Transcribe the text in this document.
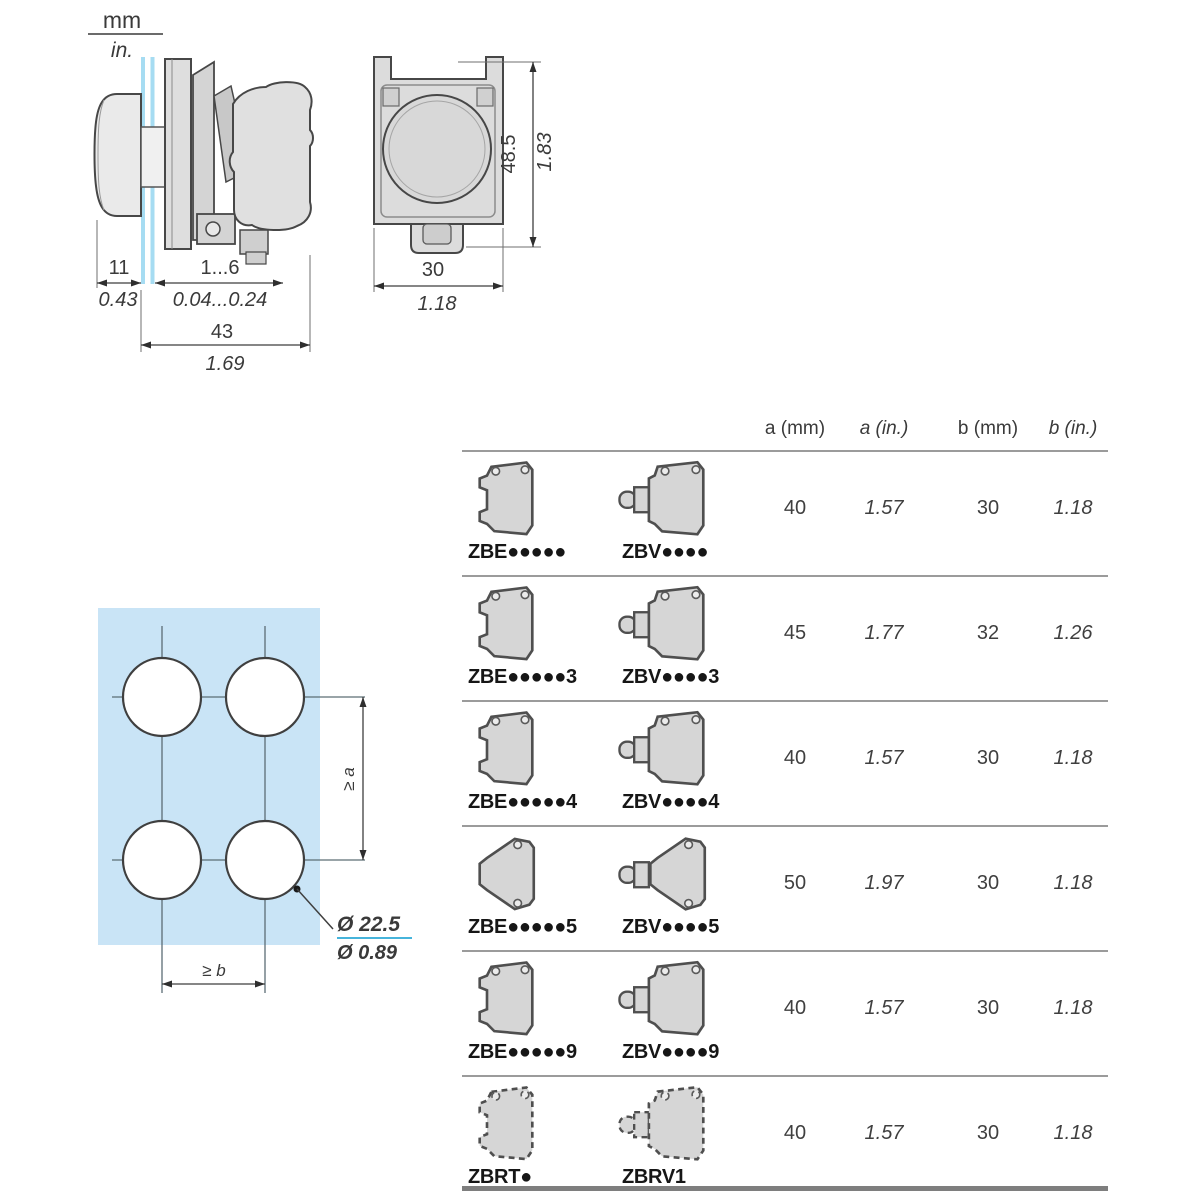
mm
in.
11
0.43
1...6
0.04...0.24
43
1.69
48.5 1.83
30
1.18
≥ a
≥ b
Ø 22.5
Ø 0.89
a (mm) a (in.)	b (mm) b (in.)
ZBE●●●●●	ZBV●●●●
40	1.57	30	1.18
ZBE●●●●●3 ZBV●●●●3
45	1.77	32	1.26
ZBE●●●●●4 ZBV●●●●4
40	1.57	30	1.18
ZBE●●●●●5 ZBV●●●●5
50	1.97	30	1.18
ZBE●●●●●9 ZBV●●●●9
40	1.57	30	1.18
ZBRT●	ZBRV1
40	1.57	30	1.18
